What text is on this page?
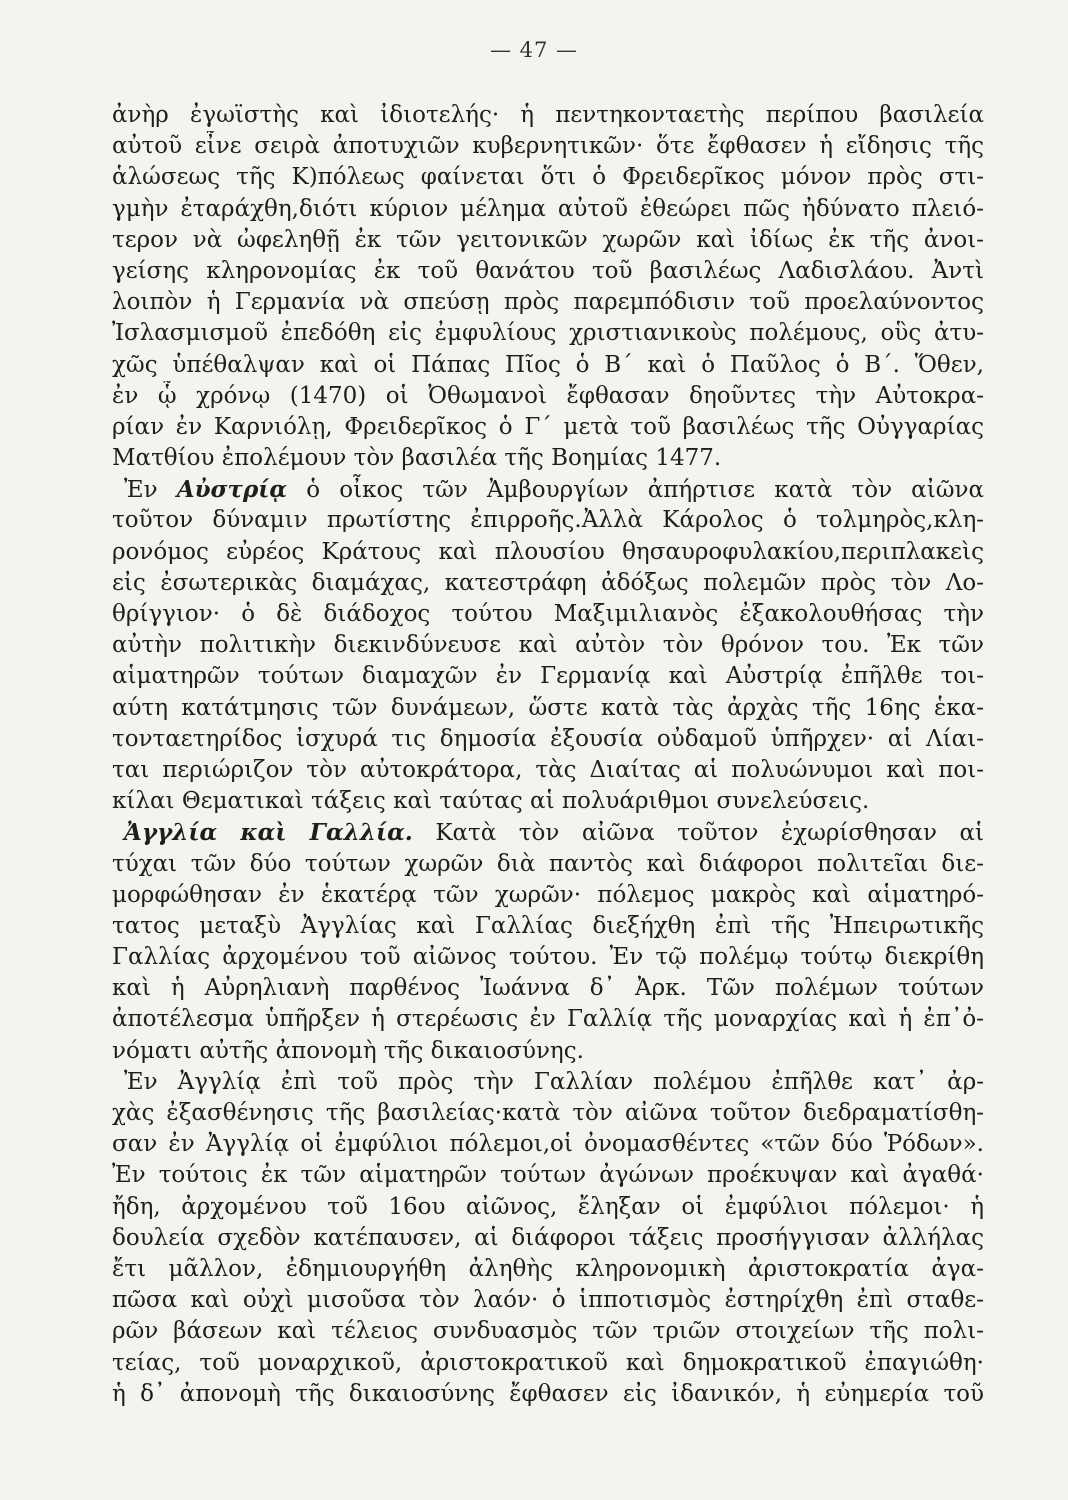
— 47 —
ἀνὴρ ἐγωϊστὴς καὶ ἰδιοτελής· ἡ πεντηκονταετὴς περίπου βασιλεία
αὐτοῦ εἶνε σειρὰ ἀποτυχιῶν κυβερνητικῶν· ὅτε ἔφθασεν ἡ εἴδησις τῆς
ἁλώσεως τῆς Κ)πόλεως φαίνεται ὅτι ὁ Φρειδερῖκος μόνον πρὸς στι-
γμὴν ἐταράχθη,διότι κύριον μέλημα αὐτοῦ ἐθεώρει πῶς ἠδύνατο πλειό-
τερον νὰ ὠφεληθῇ ἐκ τῶν γειτονικῶν χωρῶν καὶ ἰδίως ἐκ τῆς ἀνοι-
γείσης κληρονομίας ἐκ τοῦ θανάτου τοῦ βασιλέως Λαδισλάου. Ἀντὶ
λοιπὸν ἡ Γερμανία νὰ σπεύσῃ πρὸς παρεμπόδισιν τοῦ προελαύνοντος
Ἰσλασμισμοῦ ἐπεδόθη εἰς ἐμφυλίους χριστιανικοὺς πολέμους, οὓς ἀτυ-
χῶς ὑπέθαλψαν καὶ οἱ Πάπας Πῖος ὁ Β΄ καὶ ὁ Παῦλος ὁ Β΄. Ὅθεν,
ἐν ᾧ χρόνῳ (1470) οἱ Ὀθωμανοὶ ἔφθασαν δηοῦντες τὴν Αὐτοκρα-
ρίαν ἐν Καρνιόλῃ, Φρειδερῖκος ὁ Γ΄ μετὰ τοῦ βασιλέως τῆς Οὐγγαρίας
Ματθίου ἐπολέμουν τὸν βασιλέα τῆς Βοημίας 1477.
Ἐν Αὐστρίᾳ ὁ οἶκος τῶν Ἀμβουργίων ἀπήρτισε κατὰ τὸν αἰῶνα
τοῦτον δύναμιν πρωτίστης ἐπιρροῆς.Ἀλλὰ Κάρολος ὁ τολμηρὸς,κλη-
ρονόμος εὐρέος Κράτους καὶ πλουσίου θησαυροφυλακίου,περιπλακεὶς
εἰς ἐσωτερικὰς διαμάχας, κατεστράφη ἀδόξως πολεμῶν πρὸς τὸν Λο-
θρίγγιον· ὁ δὲ διάδοχος τούτου Μαξιμιλιανὸς ἐξακολουθήσας τὴν
αὐτὴν πολιτικὴν διεκινδύνευσε καὶ αὐτὸν τὸν θρόνον του. Ἐκ τῶν
αἱματηρῶν τούτων διαμαχῶν ἐν Γερμανίᾳ καὶ Αὐστρίᾳ ἐπῆλθε τοι-
αύτη κατάτμησις τῶν δυνάμεων, ὥστε κατὰ τὰς ἀρχὰς τῆς 16ης ἑκα-
τονταετηρίδος ἰσχυρά τις δημοσία ἐξουσία οὐδαμοῦ ὑπῆρχεν· αἱ Λίαι-
ται περιώριζον τὸν αὐτοκράτορα, τὰς Διαίτας αἱ πολυώνυμοι καὶ ποι-
κίλαι Θεματικαὶ τάξεις καὶ ταύτας αἱ πολυάριθμοι συνελεύσεις.
Ἀγγλία καὶ Γαλλία. Κατὰ τὸν αἰῶνα τοῦτον ἐχωρίσθησαν αἱ
τύχαι τῶν δύο τούτων χωρῶν διὰ παντὸς καὶ διάφοροι πολιτεῖαι διε-
μορφώθησαν ἐν ἑκατέρᾳ τῶν χωρῶν· πόλεμος μακρὸς καὶ αἱματηρό-
τατος μεταξὺ Ἀγγλίας καὶ Γαλλίας διεξήχθη ἐπὶ τῆς Ἠπειρωτικῆς
Γαλλίας ἀρχομένου τοῦ αἰῶνος τούτου. Ἐν τῷ πολέμῳ τούτῳ διεκρίθη
καὶ ἡ Αὐρηλιανὴ παρθένος Ἰωάννα δ᾽ Ἀρκ. Τῶν πολέμων τούτων
ἀποτέλεσμα ὑπῆρξεν ἡ στερέωσις ἐν Γαλλίᾳ τῆς μοναρχίας καὶ ἡ ἐπ᾽ὀ-
νόματι αὐτῆς ἀπονομὴ τῆς δικαιοσύνης.
Ἐν Ἀγγλίᾳ ἐπὶ τοῦ πρὸς τὴν Γαλλίαν πολέμου ἐπῆλθε κατ᾽ ἀρ-
χὰς ἐξασθένησις τῆς βασιλείας·κατὰ τὸν αἰῶνα τοῦτον διεδραματίσθη-
σαν ἐν Ἀγγλίᾳ οἱ ἐμφύλιοι πόλεμοι,οἱ ὀνομασθέντες «τῶν δύο Ῥόδων».
Ἐν τούτοις ἐκ τῶν αἱματηρῶν τούτων ἀγώνων προέκυψαν καὶ ἀγαθά·
ἤδη, ἀρχομένου τοῦ 16ου αἰῶνος, ἔληξαν οἱ ἐμφύλιοι πόλεμοι· ἡ
δουλεία σχεδὸν κατέπαυσεν, αἱ διάφοροι τάξεις προσήγγισαν ἀλλήλας
ἔτι μᾶλλον, ἐδημιουργήθη ἀληθὴς κληρονομικὴ ἀριστοκρατία ἀγα-
πῶσα καὶ οὐχὶ μισοῦσα τὸν λαόν· ὁ ἱπποτισμὸς ἐστηρίχθη ἐπὶ σταθε-
ρῶν βάσεων καὶ τέλειος συνδυασμὸς τῶν τριῶν στοιχείων τῆς πολι-
τείας, τοῦ μοναρχικοῦ, ἀριστοκρατικοῦ καὶ δημοκρατικοῦ ἐπαγιώθη·
ἡ δ᾽ ἀπονομὴ τῆς δικαιοσύνης ἔφθασεν εἰς ἰδανικόν, ἡ εὐημερία τοῦ
